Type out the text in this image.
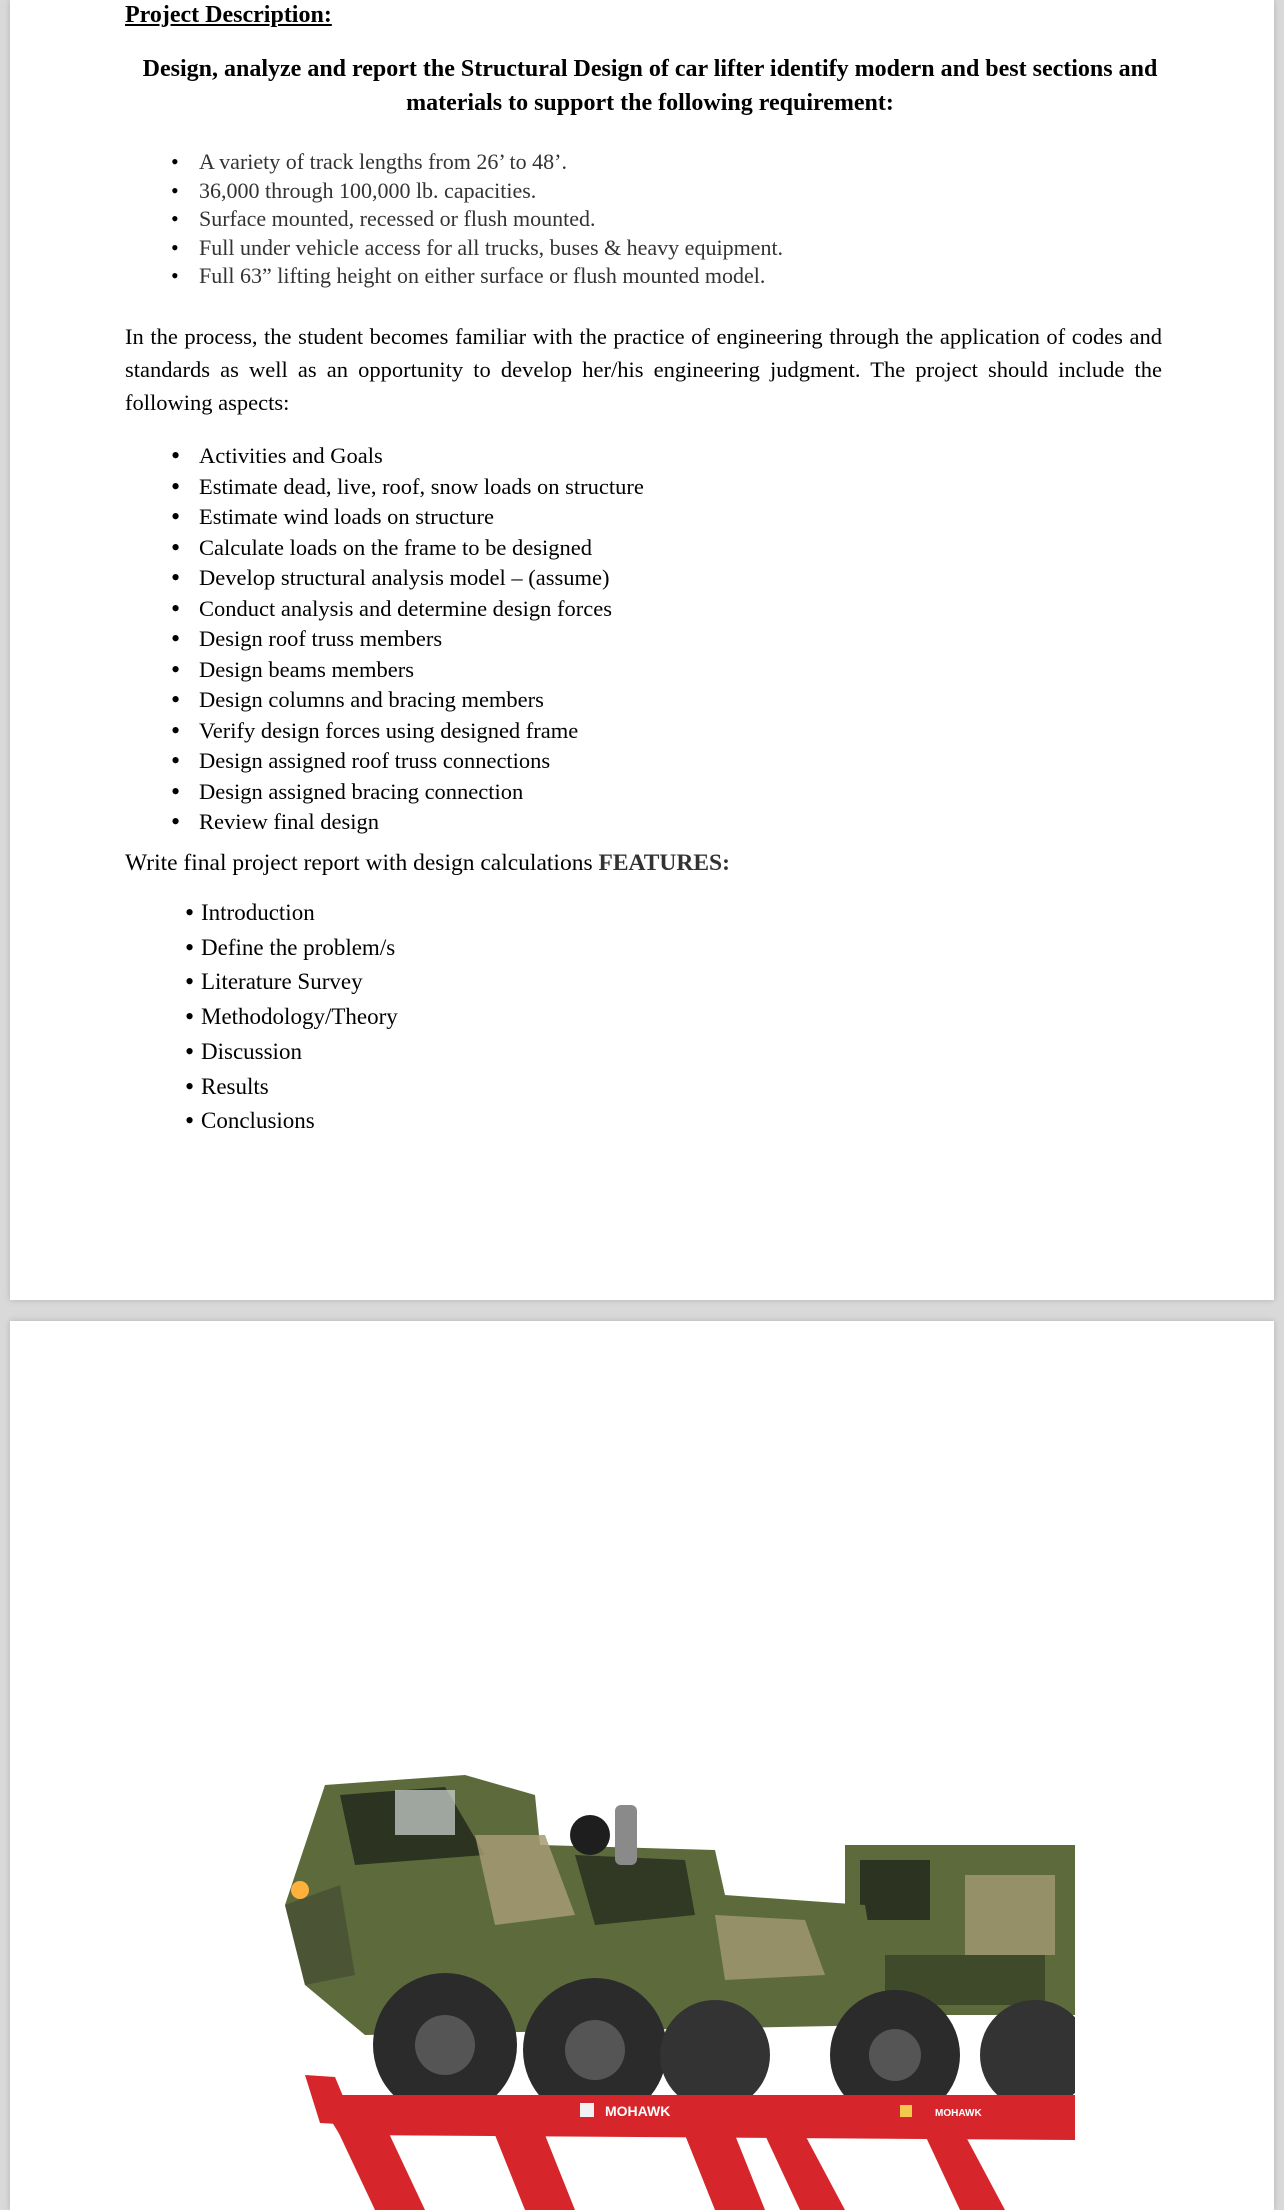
Project Description:
Design, analyze and report the Structural Design of car lifter identify modern and best sections and materials to support the following requirement:
• A variety of track lengths from 26’ to 48’.
• 36,000 through 100,000 lb. capacities.
• Surface mounted, recessed or flush mounted.
• Full under vehicle access for all trucks, buses & heavy equipment.
• Full 63” lifting height on either surface or flush mounted model.

In the process, the student becomes familiar with the practice of engineering through the application of codes and standards as well as an opportunity to develop her/his engineering judgment. The project should include the following aspects:

• Activities and Goals
• Estimate dead, live, roof, snow loads on structure
• Estimate wind loads on structure
• Calculate loads on the frame to be designed
• Develop structural analysis model – (assume)
• Conduct analysis and determine design forces
• Design roof truss members
• Design beams members
• Design columns and bracing members
• Verify design forces using designed frame
• Design assigned roof truss connections
• Design assigned bracing connection
• Review final design

Write final project report with design calculations FEATURES:

• Introduction
• Define the problem/s
• Literature Survey
• Methodology/Theory
• Discussion
• Results
• Conclusions
MOHAWK	MOHAWK
